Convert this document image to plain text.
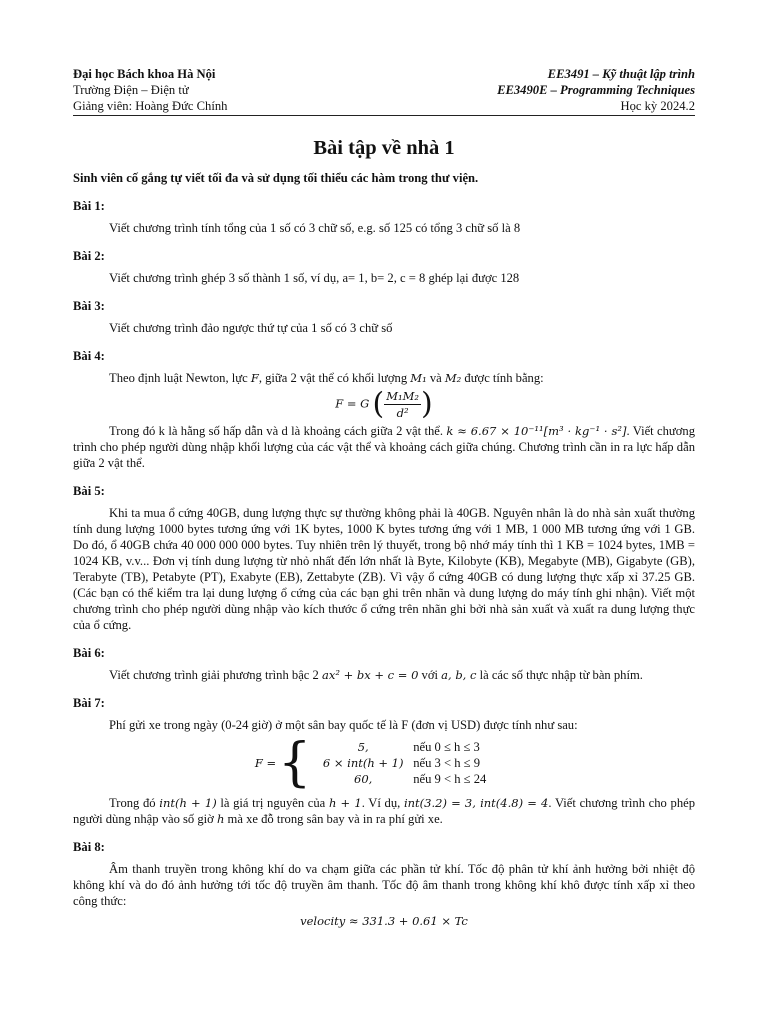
Đại học Bách khoa Hà Nội
Trường Điện – Điện tử
Giảng viên: Hoàng Đức Chính
EE3491 – Kỹ thuật lập trình
EE3490E – Programming Techniques
Học kỳ 2024.2
Bài tập về nhà 1
Sinh viên cố gắng tự viết tối đa và sử dụng tối thiểu các hàm trong thư viện.
Bài 1:
Viết chương trình tính tổng của 1 số có 3 chữ số, e.g. số 125 có tổng 3 chữ số là 8
Bài 2:
Viết chương trình ghép 3 số thành 1 số, ví dụ, a= 1, b= 2, c = 8 ghép lại được 128
Bài 3:
Viết chương trình đảo ngược thứ tự của 1 số có 3 chữ số
Bài 4:
Theo định luật Newton, lực F, giữa 2 vật thể có khối lượng M₁ và M₂ được tính bằng:
F = G ( $\frac{\text{M₁M₂}}{\text{d²}}$ )
Trong đó k là hằng số hấp dẫn và d là khoảng cách giữa 2 vật thể. k ≈ 6.67 × 10⁻¹¹[m³ · kg⁻¹ · s²]. Viết chương trình cho phép người dùng nhập khối lượng của các vật thể và khoảng cách giữa chúng. Chương trình cần in ra lực hấp dẫn giữa 2 vật thể.
Bài 5:
Khi ta mua ổ cứng 40GB, dung lượng thực sự thường không phải là 40GB. Nguyên nhân là do nhà sản xuất thường tính dung lượng 1000 bytes tương ứng với 1K bytes, 1000 K bytes tương ứng với 1 MB, 1 000 MB tương ứng với 1 GB. Do đó, ổ 40GB chứa 40 000 000 000 bytes. Tuy nhiên trên lý thuyết, trong bộ nhớ máy tính thì 1 KB = 1024 bytes, 1MB = 1024 KB, v.v... Đơn vị tính dung lượng từ nhỏ nhất đến lớn nhất là Byte, Kilobyte (KB), Megabyte (MB), Gigabyte (GB), Terabyte (TB), Petabyte (PT), Exabyte (EB), Zettabyte (ZB). Vì vậy ổ cứng 40GB có dung lượng thực xấp xỉ 37.25 GB. (Các bạn có thể kiểm tra lại dung lượng ổ cứng của các bạn ghi trên nhãn và dung lượng do máy tính ghi nhận). Viết một chương trình cho phép người dùng nhập vào kích thước ổ cứng trên nhãn ghi bởi nhà sản xuất và xuất ra dung lượng thực của ổ cứng.
Bài 6:
Viết chương trình giải phương trình bậc 2 ax² + bx + c = 0 với a, b, c là các số thực nhập từ bàn phím.
Bài 7:
Phí gửi xe trong ngày (0-24 giờ) ở một sân bay quốc tế là F (đơn vị USD) được tính như sau:
F = {	5,	nếu 0 ≤ h ≤ 3
6 × int(h + 1) nếu 3 < h ≤ 9
60,	nếu 9 < h ≤ 24
Trong đó int(h + 1) là giá trị nguyên của h + 1. Ví dụ, int(3.2) = 3, int(4.8) = 4. Viết chương trình cho phép người dùng nhập vào số giờ h mà xe đỗ trong sân bay và in ra phí gửi xe.
Bài 8:
Âm thanh truyền trong không khí do va chạm giữa các phần tử khí. Tốc độ phân tử khí ảnh hưởng bởi nhiệt độ không khí và do đó ảnh hưởng tới tốc độ truyền âm thanh. Tốc độ âm thanh trong không khí khô được tính xấp xỉ theo công thức:
velocity ≈ 331.3 + 0.61 × Tc
